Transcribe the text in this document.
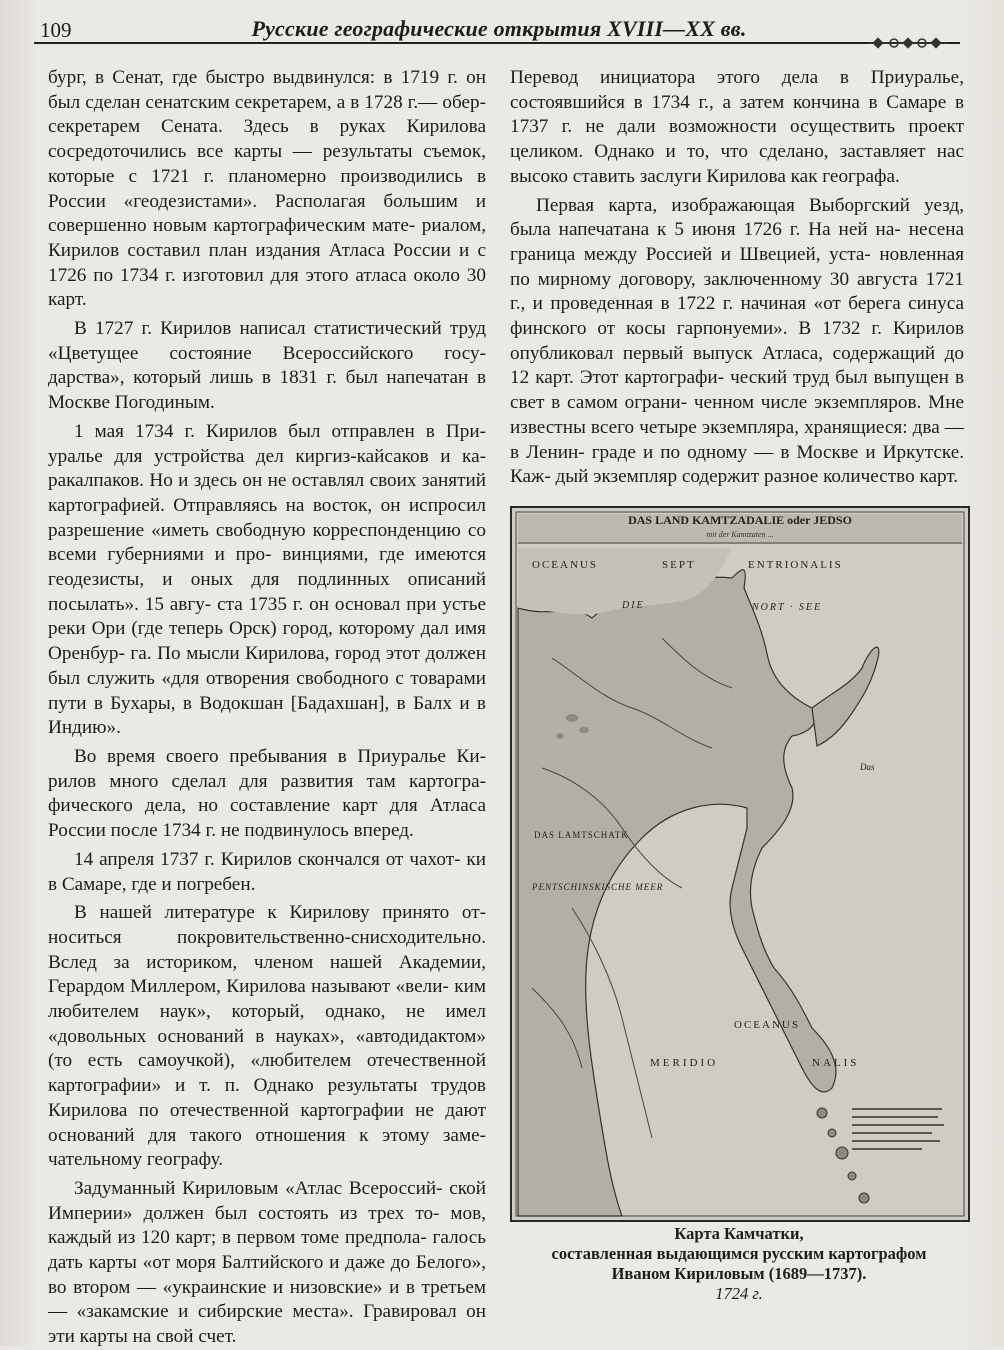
109	Русские географические открытия XVIII—XX вв.

бург, в Сенат, где быстро выдвинулся: в 1719 г. он был сделан сенатским секретарем, а в 1728 г.— обер-секретарем Сената. Здесь в руках Кирилова сосредоточились все карты — результаты съемок, которые с 1721 г. планомерно производились в России «геодезистами». Располагая большим и совершенно новым картографическим мате- риалом, Кирилов составил план издания Атласа России и с 1726 по 1734 г. изготовил для этого атласа около 30 карт.

В 1727 г. Кирилов написал статистический труд «Цветущее состояние Всероссийского госу- дарства», который лишь в 1831 г. был напечатан в Москве Погодиным.

1 мая 1734 г. Кирилов был отправлен в При- уралье для устройства дел киргиз-кайсаков и ка- ракалпаков. Но и здесь он не оставлял своих занятий картографией. Отправляясь на восток, он испросил разрешение «иметь свободную корреспонденцию со всеми губерниями и про- винциями, где имеются геодезисты, и оных для подлинных описаний посылать». 15 авгу- ста 1735 г. он основал при устье реки Ори (где теперь Орск) город, которому дал имя Оренбур- га. По мысли Кирилова, город этот должен был служить «для отворения свободного с товарами пути в Бухары, в Водокшан [Бадахшан], в Балх и в Индию».

Во время своего пребывания в Приуралье Ки- рилов много сделал для развития там картогра- фического дела, но составление карт для Атласа России после 1734 г. не подвинулось вперед.

14 апреля 1737 г. Кирилов скончался от чахот- ки в Самаре, где и погребен.

В нашей литературе к Кирилову принято от- носиться покровительственно-снисходительно. Вслед за историком, членом нашей Академии, Герардом Миллером, Кирилова называют «вели- ким любителем наук», который, однако, не имел «довольных оснований в науках», «автодидактом» (то есть самоучкой), «любителем отечественной картографии» и т. п. Однако результаты трудов Кирилова по отечественной картографии не дают оснований для такого отношения к этому заме- чательному географу.

Задуманный Кириловым «Атлас Всероссий- ской Империи» должен был состоять из трех то- мов, каждый из 120 карт; в первом томе предпола- галось дать карты «от моря Балтийского и даже до Белого», во втором — «украинские и низовские» и в третьем — «закамские и сибирские места». Гравировал он эти карты на свой счет.

Перевод инициатора этого дела в Приуралье, состоявшийся в 1734 г., а затем кончина в Самаре в 1737 г. не дали возможности осуществить проект целиком. Однако и то, что сделано, заставляет нас высоко ставить заслуги Кирилова как географа.

Первая карта, изображающая Выборгский уезд, была напечатана к 5 июня 1726 г. На ней на- несена граница между Россией и Швецией, уста- новленная по мирному договору, заключенному 30 августа 1721 г., и проведенная в 1722 г. начиная «от берега синуса финского от косы гарпонуеми». В 1732 г. Кирилов опубликовал первый выпуск Атласа, содержащий до 12 карт. Этот картографи- ческий труд был выпущен в свет в самом ограни- ченном числе экземпляров. Мне известны всего четыре экземпляра, хранящиеся: два — в Ленин- граде и по одному — в Москве и Иркутске. Каж- дый экземпляр содержит разное количество карт.

DAS LAND KAMTZADALIE oder JEDSO
mit der Kamtzaten ...
OCEANUS	SEPT	ENTRIONALIS
DIE	NORT · SEE
Das
DAS LAMTSCHATK
PENTSCHINSKISCHE MEER
OCEANUS
MERIDIO	NALIS
Карта Камчатки,
составленная выдающимся русским картографом
Иваном Кириловым (1689—1737).
1724 г.
